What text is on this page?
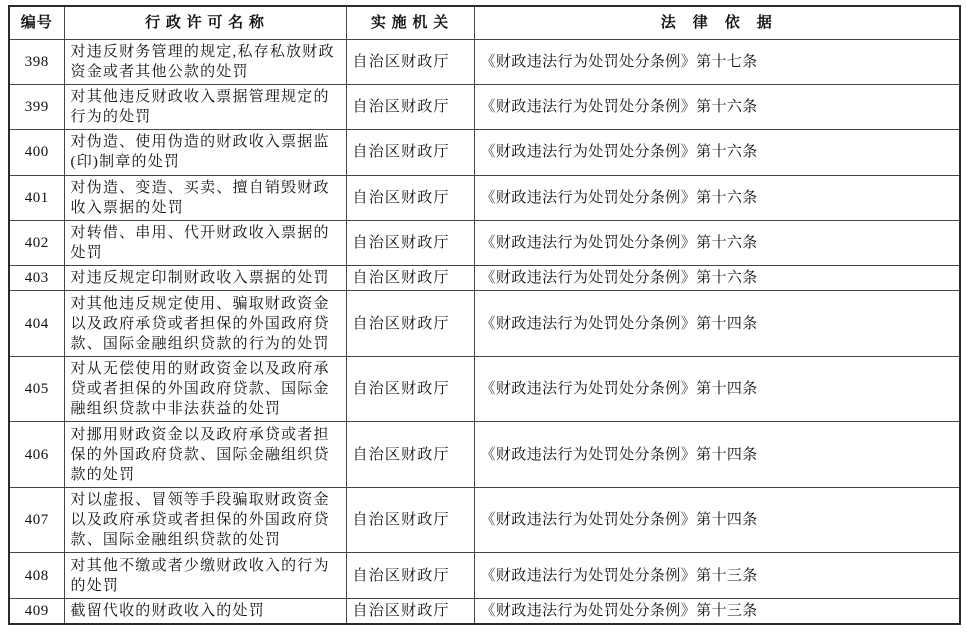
编号	行 政 许 可 名 称	实 施 机 关	法　律　依　据
398	对违反财务管理的规定,私存私放财政资金或者其他公款的处罚	自治区财政厅	《财政违法行为处罚处分条例》第十七条
399	对其他违反财政收入票据管理规定的行为的处罚	自治区财政厅	《财政违法行为处罚处分条例》第十六条
400	对伪造、使用伪造的财政收入票据监(印)制章的处罚	自治区财政厅	《财政违法行为处罚处分条例》第十六条
401	对伪造、变造、买卖、擅自销毁财政收入票据的处罚	自治区财政厅	《财政违法行为处罚处分条例》第十六条
402	对转借、串用、代开财政收入票据的处罚	自治区财政厅	《财政违法行为处罚处分条例》第十六条
403	对违反规定印制财政收入票据的处罚	自治区财政厅	《财政违法行为处罚处分条例》第十六条
404	对其他违反规定使用、骗取财政资金以及政府承贷或者担保的外国政府贷款、国际金融组织贷款的行为的处罚	自治区财政厅	《财政违法行为处罚处分条例》第十四条
405	对从无偿使用的财政资金以及政府承贷或者担保的外国政府贷款、国际金融组织贷款中非法获益的处罚	自治区财政厅	《财政违法行为处罚处分条例》第十四条
406	对挪用财政资金以及政府承贷或者担保的外国政府贷款、国际金融组织贷款的处罚	自治区财政厅	《财政违法行为处罚处分条例》第十四条
407	对以虚报、冒领等手段骗取财政资金以及政府承贷或者担保的外国政府贷款、国际金融组织贷款的处罚	自治区财政厅	《财政违法行为处罚处分条例》第十四条
408	对其他不缴或者少缴财政收入的行为的处罚	自治区财政厅	《财政违法行为处罚处分条例》第十三条
409	截留代收的财政收入的处罚	自治区财政厅	《财政违法行为处罚处分条例》第十三条
